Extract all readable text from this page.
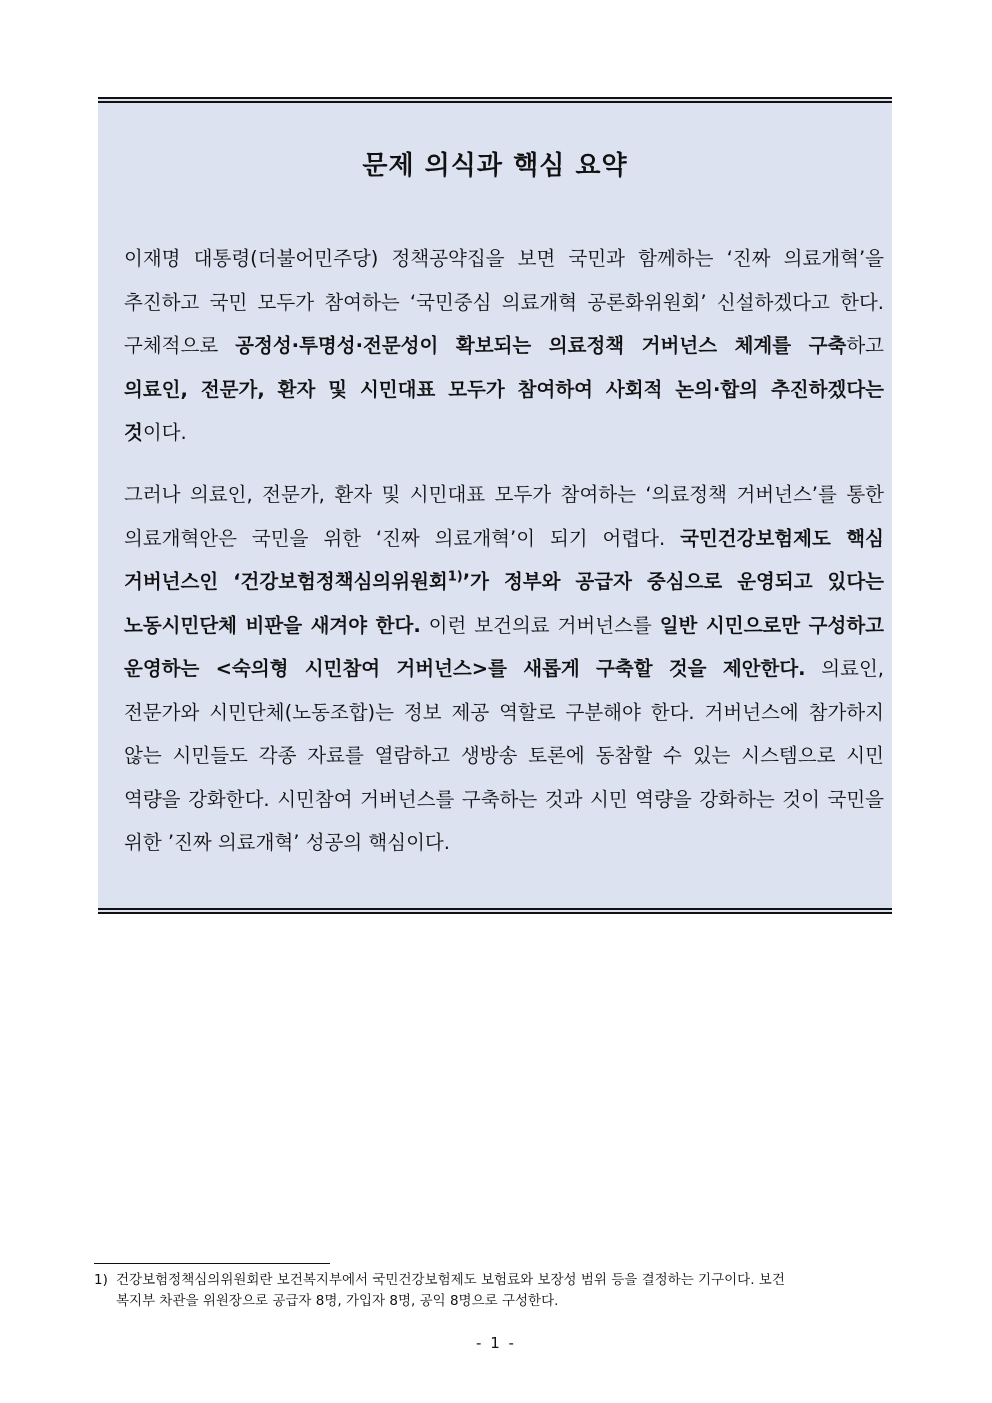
문제 의식과 핵심 요약

이재명 대통령(더불어민주당) 정책공약집을 보면 국민과 함께하는 ‘진짜 의료개혁’을 추진하고 국민 모두가 참여하는 ‘국민중심 의료개혁 공론화위원회’ 신설하겠다고 한다. 구체적으로 공정성·투명성·전문성이 확보되는 의료정책 거버넌스 체계를 구축하고 의료인, 전문가, 환자 및 시민대표 모두가 참여하여 사회적 논의·합의 추진하겠다는 것이다.

그러나 의료인, 전문가, 환자 및 시민대표 모두가 참여하는 ‘의료정책 거버넌스’를 통한 의료개혁안은 국민을 위한 ‘진짜 의료개혁’이 되기 어렵다. 국민건강보험제도 핵심 거버넌스인 ‘건강보험정책심의위원회$^{1)}$’가 정부와 공급자 중심으로 운영되고 있다는 노동시민단체 비판을 새겨야 한다. 이런 보건의료 거버넌스를 일반 시민으로만 구성하고 운영하는 <숙의형 시민참여 거버넌스>를 새롭게 구축할 것을 제안한다. 의료인, 전문가와 시민단체(노동조합)는 정보 제공 역할로 구분해야 한다. 거버넌스에 참가하지 않는 시민들도 각종 자료를 열람하고 생방송 토론에 동참할 수 있는 시스템으로 시민 역량을 강화한다. 시민참여 거버넌스를 구축하는 것과 시민 역량을 강화하는 것이 국민을 위한 ’진짜 의료개혁’ 성공의 핵심이다.

1) 건강보험정책심의위원회란 보건복지부에서 국민건강보험제도 보험료와 보장성 범위 등을 결정하는 기구이다. 보건
복지부 차관을 위원장으로 공급자 8명, 가입자 8명, 공익 8명으로 구성한다.
- 1 -
